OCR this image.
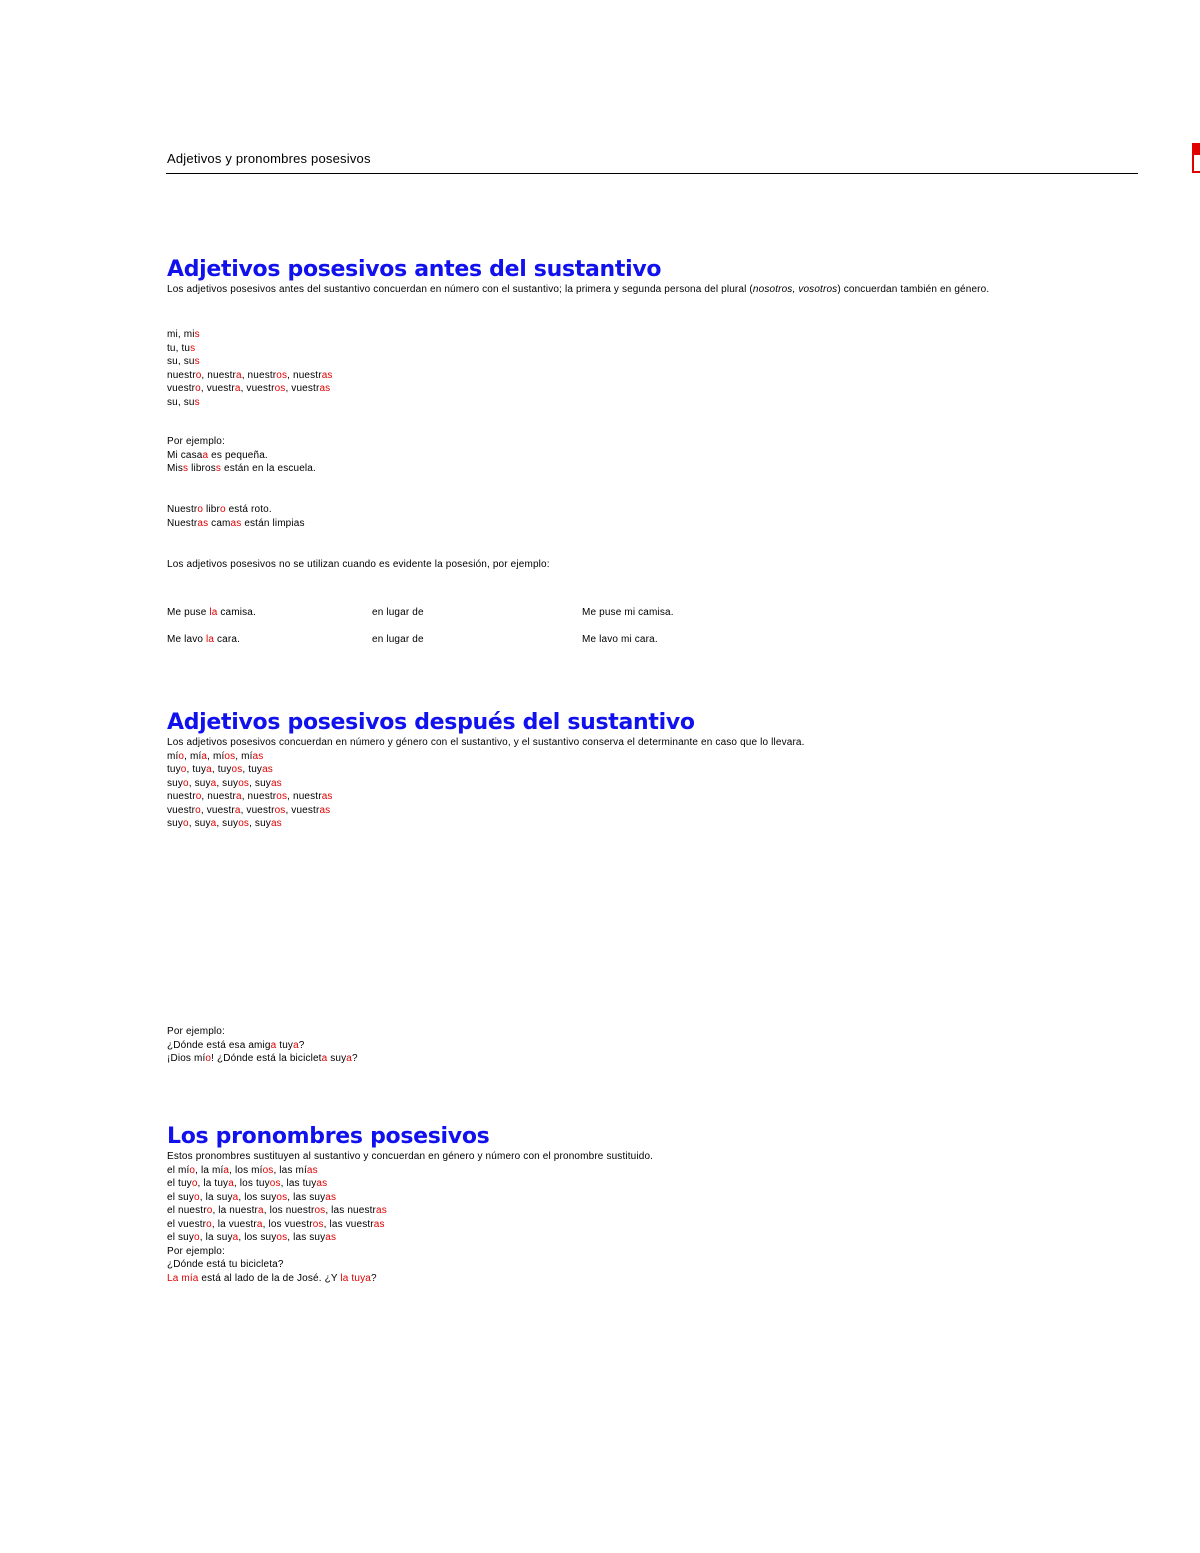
Adjetivos y pronombres posesivos
Adjetivos posesivos antes del sustantivo

Los adjetivos posesivos antes del sustantivo concuerdan en número con el sustantivo; la primera y segunda persona del plural (nosotros, vosotros) concuerdan también en género.

mi, mis

tu, tus

su, sus

nuestro, nuestra, nuestros, nuestras

vuestro, vuestra, vuestros, vuestras

su, sus

Por ejemplo:

Mi casaa es pequeña.

Miss libross están en la escuela.

Nuestro libro está roto.

Nuestras camas están limpias

Los adjetivos posesivos no se utilizan cuando es evidente la posesión, por ejemplo:

Me puse la camisa.	en lugar de	Me puse mi camisa.
Me lavo la cara.	en lugar de	Me lavo mi cara.
Adjetivos posesivos después del sustantivo

Los adjetivos posesivos concuerdan en número y género con el sustantivo, y el sustantivo conserva el determinante en caso que lo llevara.

mío, mía, míos, mías

tuyo, tuya, tuyos, tuyas

suyo, suya, suyos, suyas

nuestro, nuestra, nuestros, nuestras

vuestro, vuestra, vuestros, vuestras

suyo, suya, suyos, suyas

Por ejemplo:

¿Dónde está esa amiga tuya?

¡Dios mío! ¿Dónde está la bicicleta suya?

Los pronombres posesivos

Estos pronombres sustituyen al sustantivo y concuerdan en género y número con el pronombre sustituido.

el mío, la mía, los míos, las mías

el tuyo, la tuya, los tuyos, las tuyas

el suyo, la suya, los suyos, las suyas

el nuestro, la nuestra, los nuestros, las nuestras

el vuestro, la vuestra, los vuestros, las vuestras

el suyo, la suya, los suyos, las suyas

Por ejemplo:

¿Dónde está tu bicicleta?

La mía está al lado de la de José. ¿Y la tuya?
